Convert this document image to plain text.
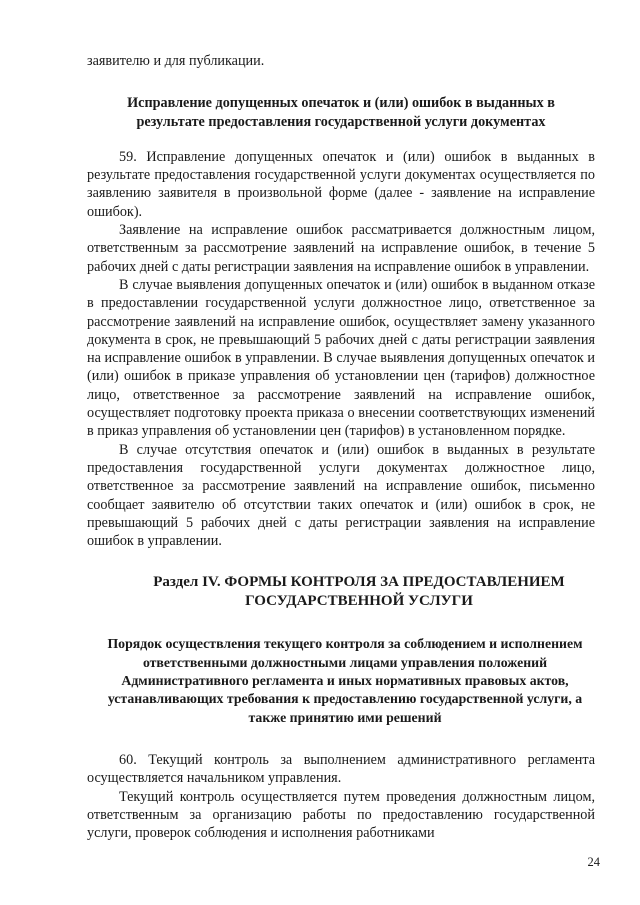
заявителю и для публикации.

Исправление допущенных опечаток и (или) ошибок в выданных в результате предоставления государственной услуги документах

59. Исправление допущенных опечаток и (или) ошибок в выданных в результате предоставления государственной услуги документах осуществляется по заявлению заявителя в произвольной форме (далее - заявление на исправление ошибок).

Заявление на исправление ошибок рассматривается должностным лицом, ответственным за рассмотрение заявлений на исправление ошибок, в течение 5 рабочих дней с даты регистрации заявления на исправление ошибок в управлении.

В случае выявления допущенных опечаток и (или) ошибок в выданном отказе в предоставлении государственной услуги должностное лицо, ответственное за рассмотрение заявлений на исправление ошибок, осуществляет замену указанного документа в срок, не превышающий 5 рабочих дней с даты регистрации заявления на исправление ошибок в управлении. В случае выявления допущенных опечаток и (или) ошибок в приказе управления об установлении цен (тарифов) должностное лицо, ответственное за рассмотрение заявлений на исправление ошибок, осуществляет подготовку проекта приказа о внесении соответствующих изменений в приказ управления об установлении цен (тарифов) в установленном порядке.

В случае отсутствия опечаток и (или) ошибок в выданных в результате предоставления государственной услуги документах должностное лицо, ответственное за рассмотрение заявлений на исправление ошибок, письменно сообщает заявителю об отсутствии таких опечаток и (или) ошибок в срок, не превышающий 5 рабочих дней с даты регистрации заявления на исправление ошибок в управлении.

Раздел IV. ФОРМЫ КОНТРОЛЯ ЗА ПРЕДОСТАВЛЕНИЕМ ГОСУДАРСТВЕННОЙ УСЛУГИ

Порядок осуществления текущего контроля за соблюдением и исполнением ответственными должностными лицами управления положений Административного регламента и иных нормативных правовых актов, устанавливающих требования к предоставлению государственной услуги, а также принятию ими решений

60. Текущий контроль за выполнением административного регламента осуществляется начальником управления.

Текущий контроль осуществляется путем проведения должностным лицом, ответственным за организацию работы по предоставлению государственной услуги, проверок соблюдения и исполнения работниками

24
